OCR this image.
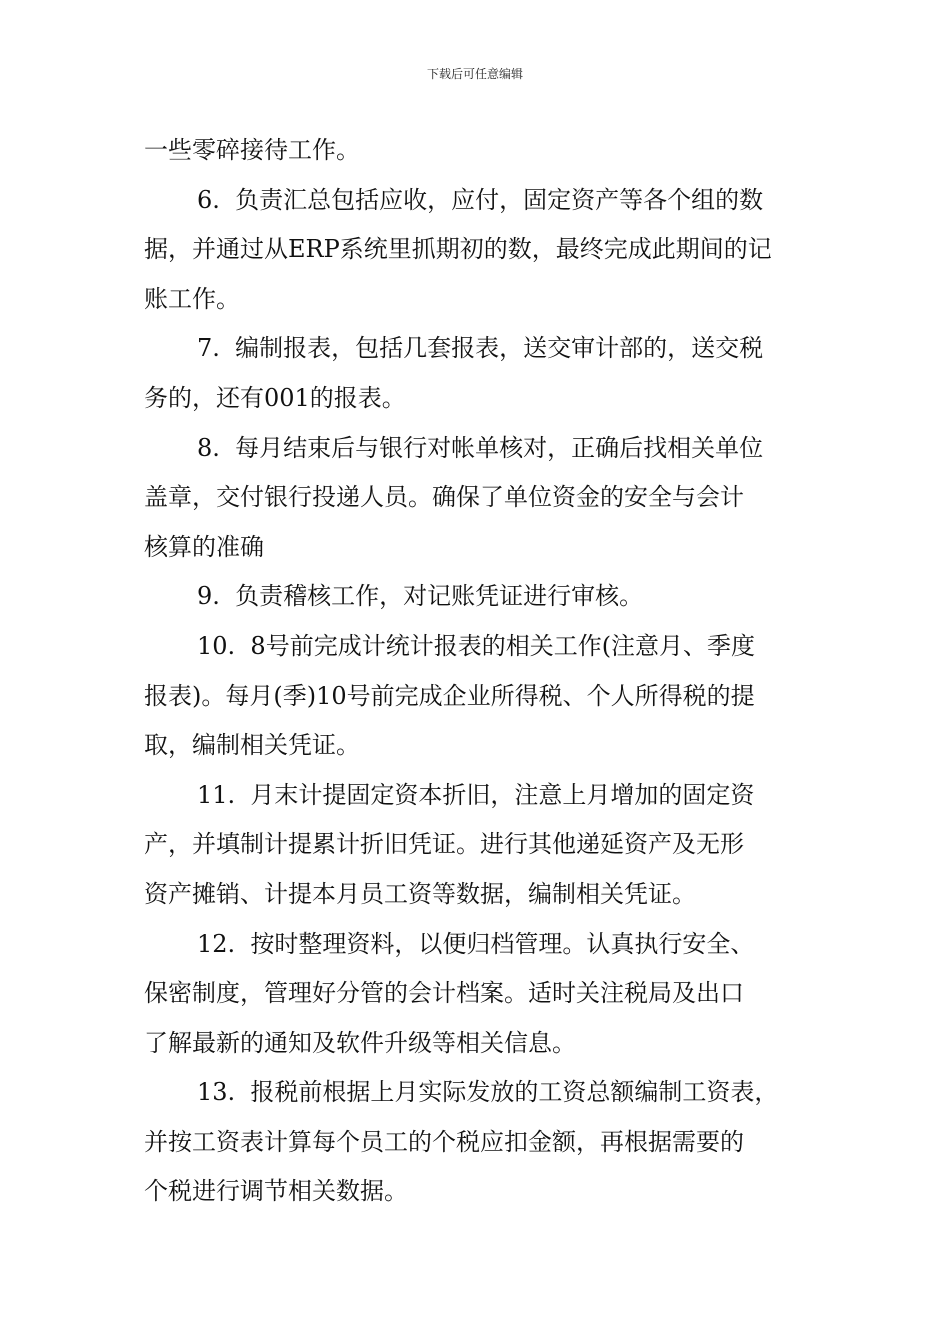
下载后可任意编辑
一些零碎接待工作。
6.  负责汇总包括应收，应付，固定资产等各个组的数
据，并通过从ERP系统里抓期初的数，最终完成此期间的记
账工作。
7.  编制报表，包括几套报表，送交审计部的，送交税
务的，还有001的报表。
8.  每月结束后与银行对帐单核对，正确后找相关单位
盖章，交付银行投递人员。确保了单位资金的安全与会计
核算的准确
9.  负责稽核工作，对记账凭证进行审核。
10.  8号前完成计统计报表的相关工作(注意月、季度
报表)。每月(季)10号前完成企业所得税、个人所得税的提
取，编制相关凭证。
11.  月末计提固定资本折旧，注意上月增加的固定资
产，并填制计提累计折旧凭证。进行其他递延资产及无形
资产摊销、计提本月员工资等数据，编制相关凭证。
12.  按时整理资料，以便归档管理。认真执行安全、
保密制度，管理好分管的会计档案。适时关注税局及出口
了解最新的通知及软件升级等相关信息。
13.  报税前根据上月实际发放的工资总额编制工资表，
并按工资表计算每个员工的个税应扣金额，再根据需要的
个税进行调节相关数据。
